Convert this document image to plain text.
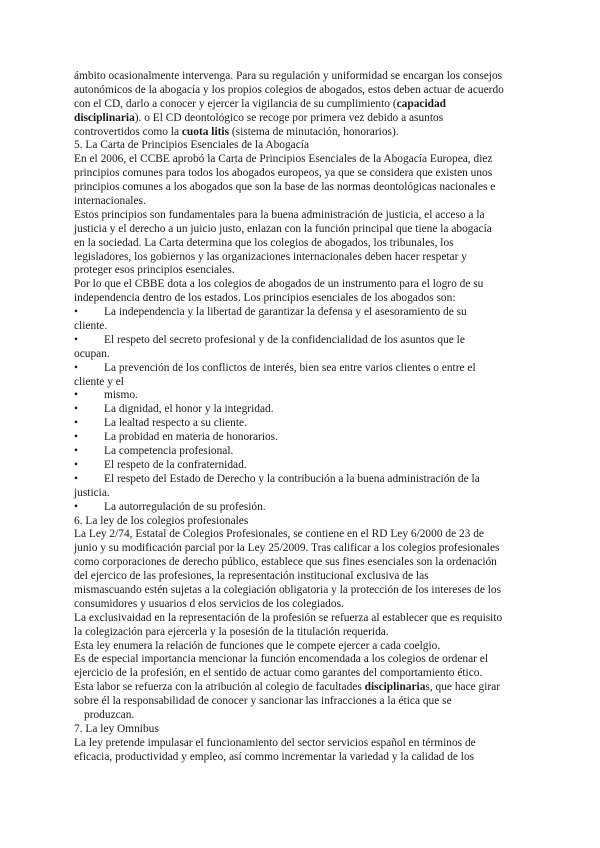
ámbito ocasionalmente intervenga. Para su regulación y uniformidad se encargan los consejos
autonómicos de la abogacía y los propios colegios de abogados, estos deben actuar de acuerdo
con el CD, darlo a conocer y ejercer la vigilancia de su cumplimiento (capacidad
disciplinaria). o El CD deontológico se recoge por primera vez debido a asuntos
controvertidos como la cuota litis (sistema de minutación, honorarios).
5. La Carta de Principios Esenciales de la Abogacía
En el 2006, el CCBE aprobó la Carta de Principios Esenciales de la Abogacía Europea, diez
principios comunes para todos los abogados europeos, ya que se considera que existen unos
principios comunes a los abogados que son la base de las normas deontológicas nacionales e
internacionales.
Estos principios son fundamentales para la buena administración de justicia, el acceso a la
justicia y el derecho a un juicio justo, enlazan con la función principal que tiene la abogacía
en la sociedad. La Carta determina que los colegios de abogados, los tribunales, los
legisladores, los gobiernos y las organizaciones internacionales deben hacer respetar y
proteger esos principios esenciales.
Por lo que el CBBE dota a los colegios de abogados de un instrumento para el logro de su
independencia dentro de los estados. Los principios esenciales de los abogados son:
• La independencia y la libertad de garantizar la defensa y el asesoramiento de su
cliente.
• El respeto del secreto profesional y de la confidencialidad de los asuntos que le
ocupan.
• La prevención de los conflictos de interés, bien sea entre varios clientes o entre el
cliente y el
• mismo.
• La dignidad, el honor y la integridad.
• La lealtad respecto a su cliente.
• La probidad en materia de honorarios.
• La competencia profesional.
• El respeto de la confraternidad.
• El respeto del Estado de Derecho y la contribución a la buena administración de la
justicia.
• La autorregulación de su profesión.
6. La ley de los colegios profesionales
La Ley 2/74, Estatal de Colegios Profesionales, se contiene en el RD Ley 6/2000 de 23 de
junio y su modificación parcial por la Ley 25/2009. Tras calificar a los colegios profesionales
como corporaciones de derecho público, establece que sus fines esenciales son la ordenación
del ejercico de las profesiones, la representación institucional exclusiva de las
mismascuando estén sujetas a la colegiación obligatoria y la protección de los intereses de los
consumidores y usuarios d elos servicios de los colegiados.
La exclusivaidad en la representación de la profesión se refuerza al establecer que es requisito
la colegización para ejercerla y la posesión de la titulación requerida.
Esta ley enumera la relación de funciones que le compete ejercer a cada coelgio.
Es de especial importancia mencionar la función encomendada a los colegios de ordenar el
ejercicio de la profesión, en el sentido de actuar como garantes del comportamiento ético.
Esta labor se refuerza con la atribución al colegio de facultades disciplinarias, que hace girar
sobre él la responsabilidad de conocer y sancionar las infracciones a la ética que se
produzcan.
7. La ley Omnibus
La ley pretende impulasar el funcionamiento del sector servicios español en términos de
eficacia, productividad y empleo, así commo incrementar la variedad y la calidad de los
